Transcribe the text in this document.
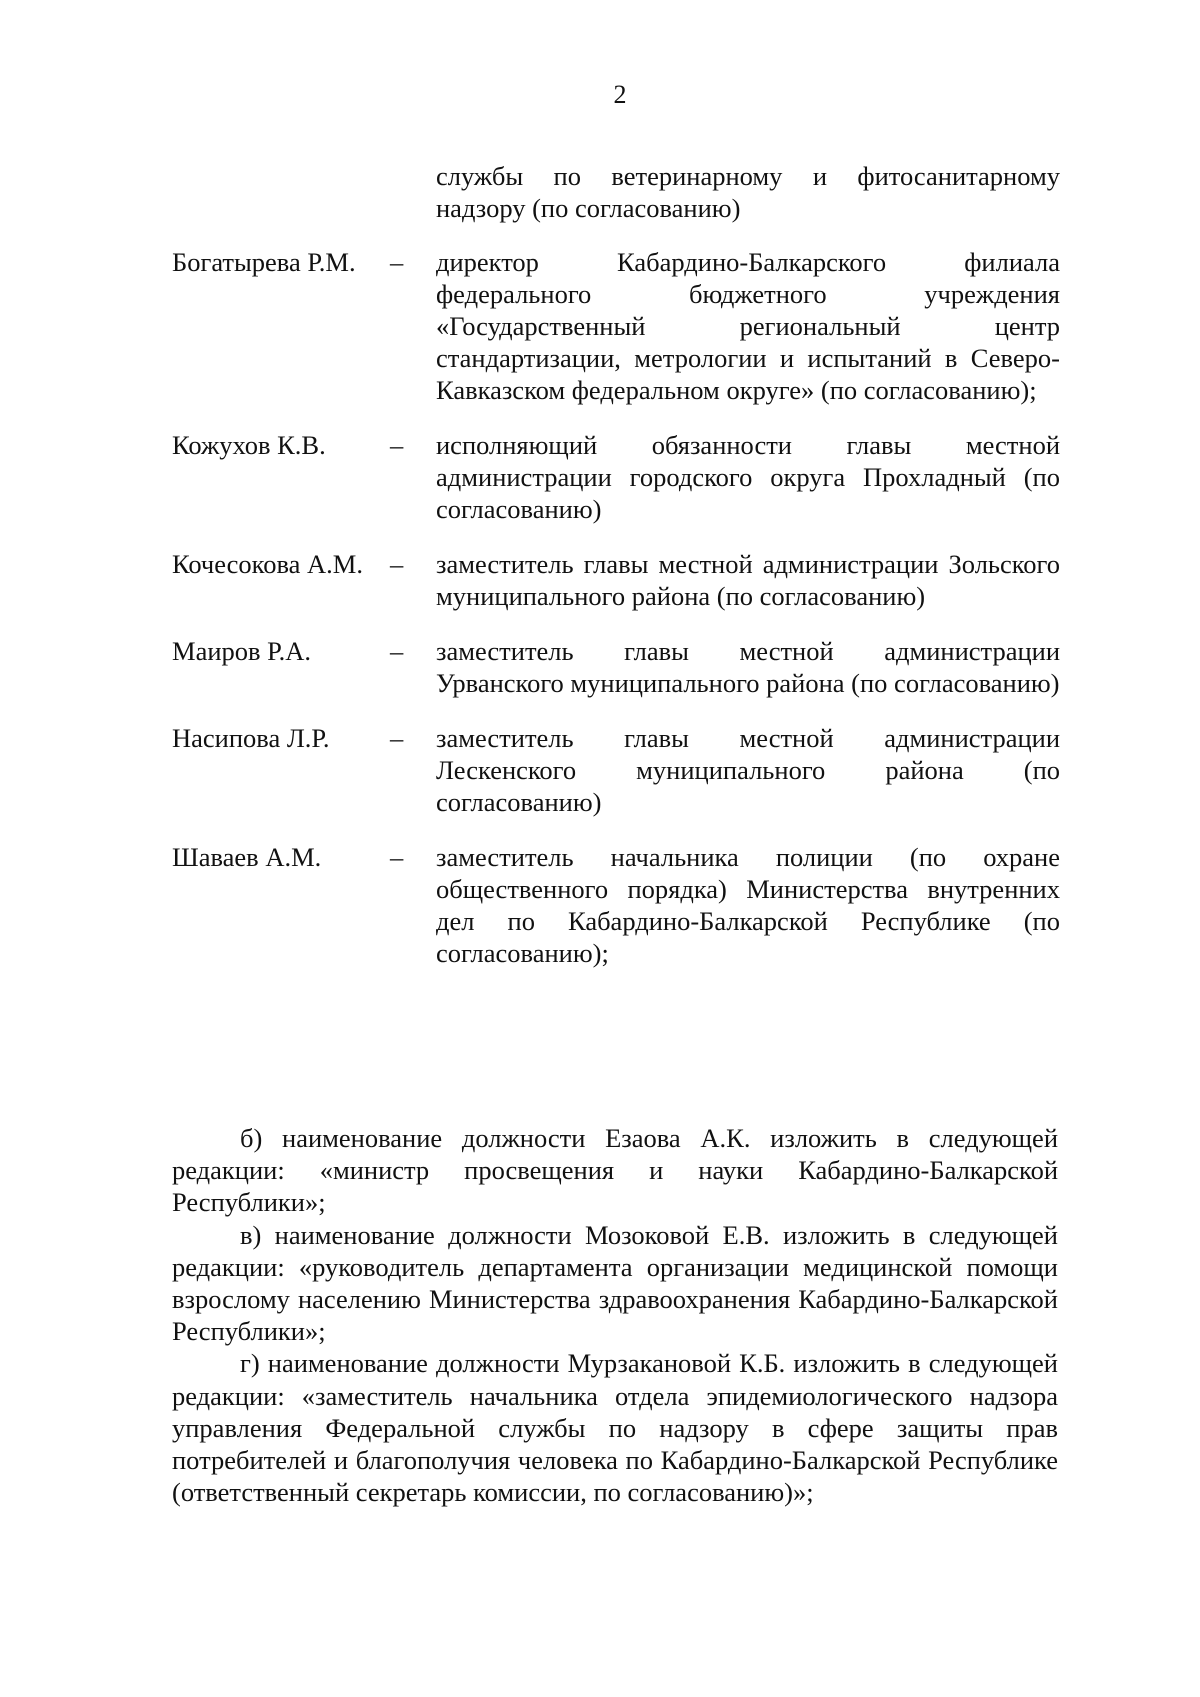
2
службы по ветеринарному и фитосанитарному надзору (по согласованию)
Богатырева Р.М.	–	директор Кабардино-Балкарского филиала федерального бюджетного учреждения «Государственный региональный центр стандартизации, метрологии и испытаний в Северо-Кавказском федеральном округе» (по согласованию);
Кожухов К.В.	–	исполняющий обязанности главы местной администрации городского округа Прохладный (по согласованию)
Кочесокова А.М.	–	заместитель главы местной администрации Зольского муниципального района (по согласованию)
Маиров Р.А.	–	заместитель главы местной администрации Урванского муниципального района (по согласованию)
Насипова Л.Р.	–	заместитель главы местной администрации Лескенского муниципального района (по согласованию)
Шаваев А.М.	–	заместитель начальника полиции (по охране общественного порядка) Министерства внутренних дел по Кабардино-Балкарской Республике (по согласованию);

б) наименование должности Езаова А.К. изложить в следующей редакции: «министр просвещения и науки Кабардино-Балкарской Республики»;

в) наименование должности Мозоковой Е.В. изложить в следующей редакции: «руководитель департамента организации медицинской помощи взрослому населению Министерства здравоохранения Кабардино-Балкарской Республики»;

г) наименование должности Мурзакановой К.Б. изложить в следующей редакции: «заместитель начальника отдела эпидемиологического надзора управления Федеральной службы по надзору в сфере защиты прав потребителей и благополучия человека по Кабардино-Балкарской Республике (ответственный секретарь комиссии, по согласованию)»;
